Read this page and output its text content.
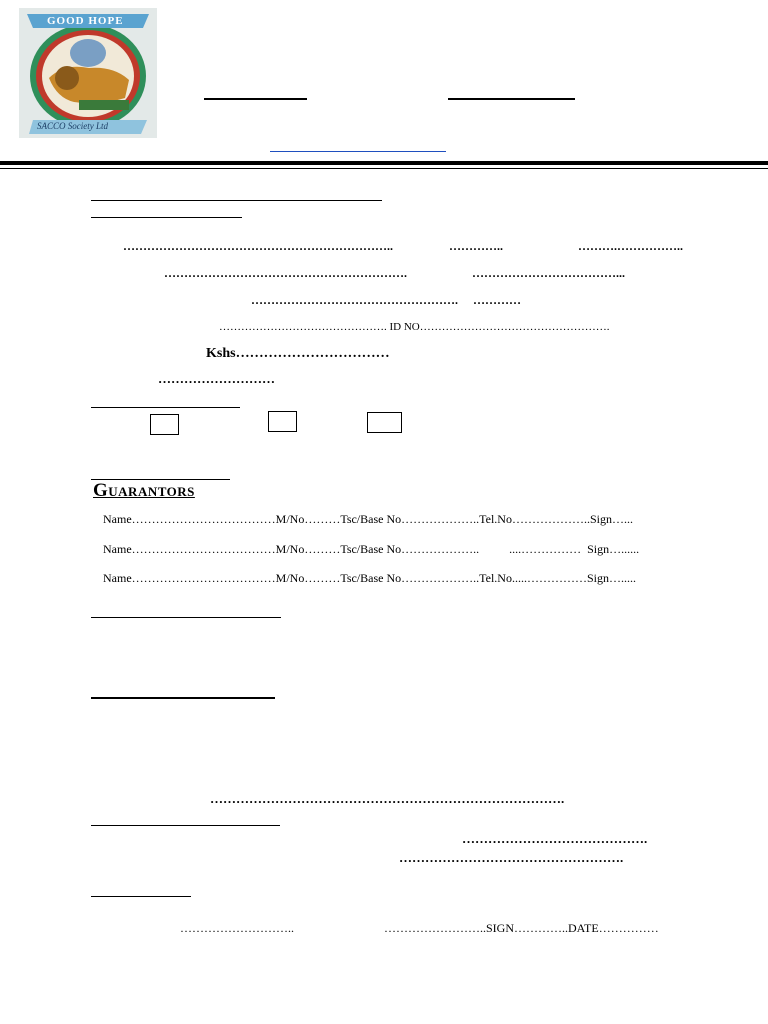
GOOD HOPE
SACCO Society Ltd
…………………………………………………………..	…………..	……….……………..
…………………………………………………….	………………………………...
……………………………………………. …………
………………………………………. ID NO…………………………………………….
Kshs……………………………
………………………
Guarantors
Name………………………………M/No………Tsc/Base No………………..Tel.No………………..Sign…...
Name………………………………M/No………Tsc/Base No………………..          ....……………  Sign…......
Name………………………………M/No………Tsc/Base No………………..Tel.No.....……………Sign….....
……………………………………………………………………….
…………………………………….
…………………………………………….
………………………..	……………………..SIGN…………..DATE……………
